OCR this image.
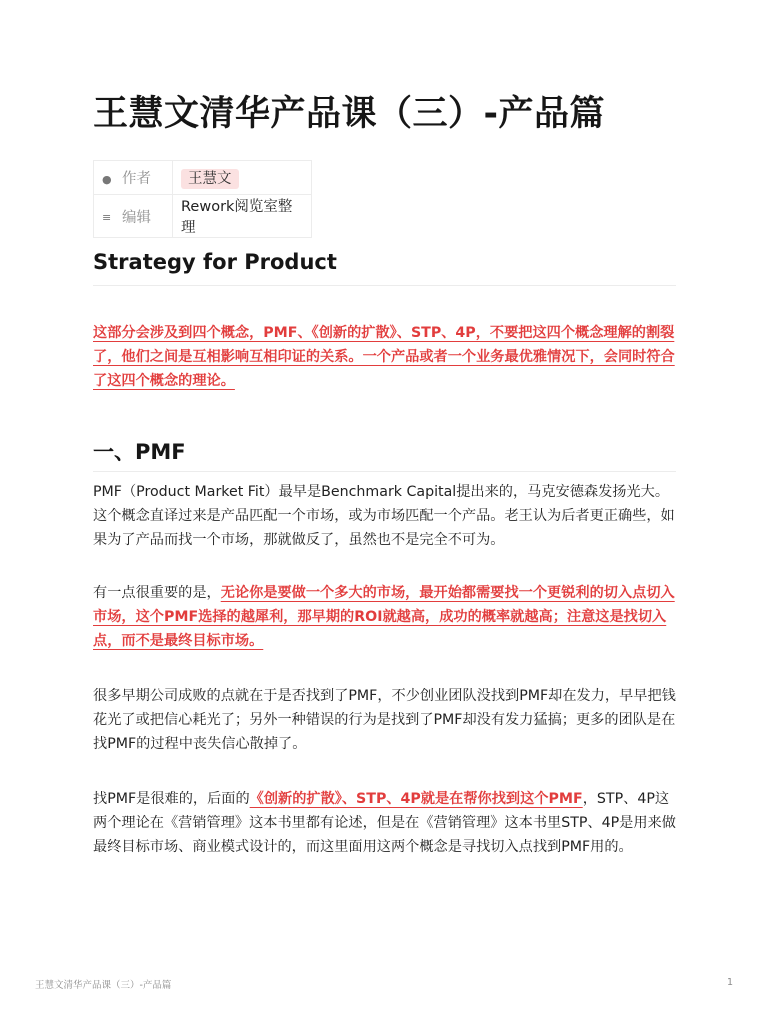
王慧文清华产品课（三）-产品篇
● 作者	王慧文
≡ 编辑	Rework阅览室整理
Strategy for Product

这部分会涉及到四个概念，PMF、《创新的扩散》、STP、4P，不要把这四个概念理解的割裂了，他们之间是互相影响互相印证的关系。一个产品或者一个业务最优雅情况下，会同时符合了这四个概念的理论。

一、PMF

PMF（Product Market Fit）最早是Benchmark Capital提出来的，马克安德森发扬光大。这个概念直译过来是产品匹配一个市场，或为市场匹配一个产品。老王认为后者更正确些，如果为了产品而找一个市场，那就做反了，虽然也不是完全不可为。

有一点很重要的是，无论你是要做一个多大的市场，最开始都需要找一个更锐利的切入点切入市场，这个PMF选择的越犀利，那早期的ROI就越高，成功的概率就越高；注意这是找切入点，而不是最终目标市场。

很多早期公司成败的点就在于是否找到了PMF，不少创业团队没找到PMF却在发力，早早把钱花光了或把信心耗光了；另外一种错误的行为是找到了PMF却没有发力猛搞；更多的团队是在找PMF的过程中丧失信心散掉了。

找PMF是很难的，后面的《创新的扩散》、STP、4P就是在帮你找到这个PMF，STP、4P这两个理论在《营销管理》这本书里都有论述，但是在《营销管理》这本书里STP、4P是用来做最终目标市场、商业模式设计的，而这里面用这两个概念是寻找切入点找到PMF用的。

王慧文清华产品课（三）-产品篇	1
